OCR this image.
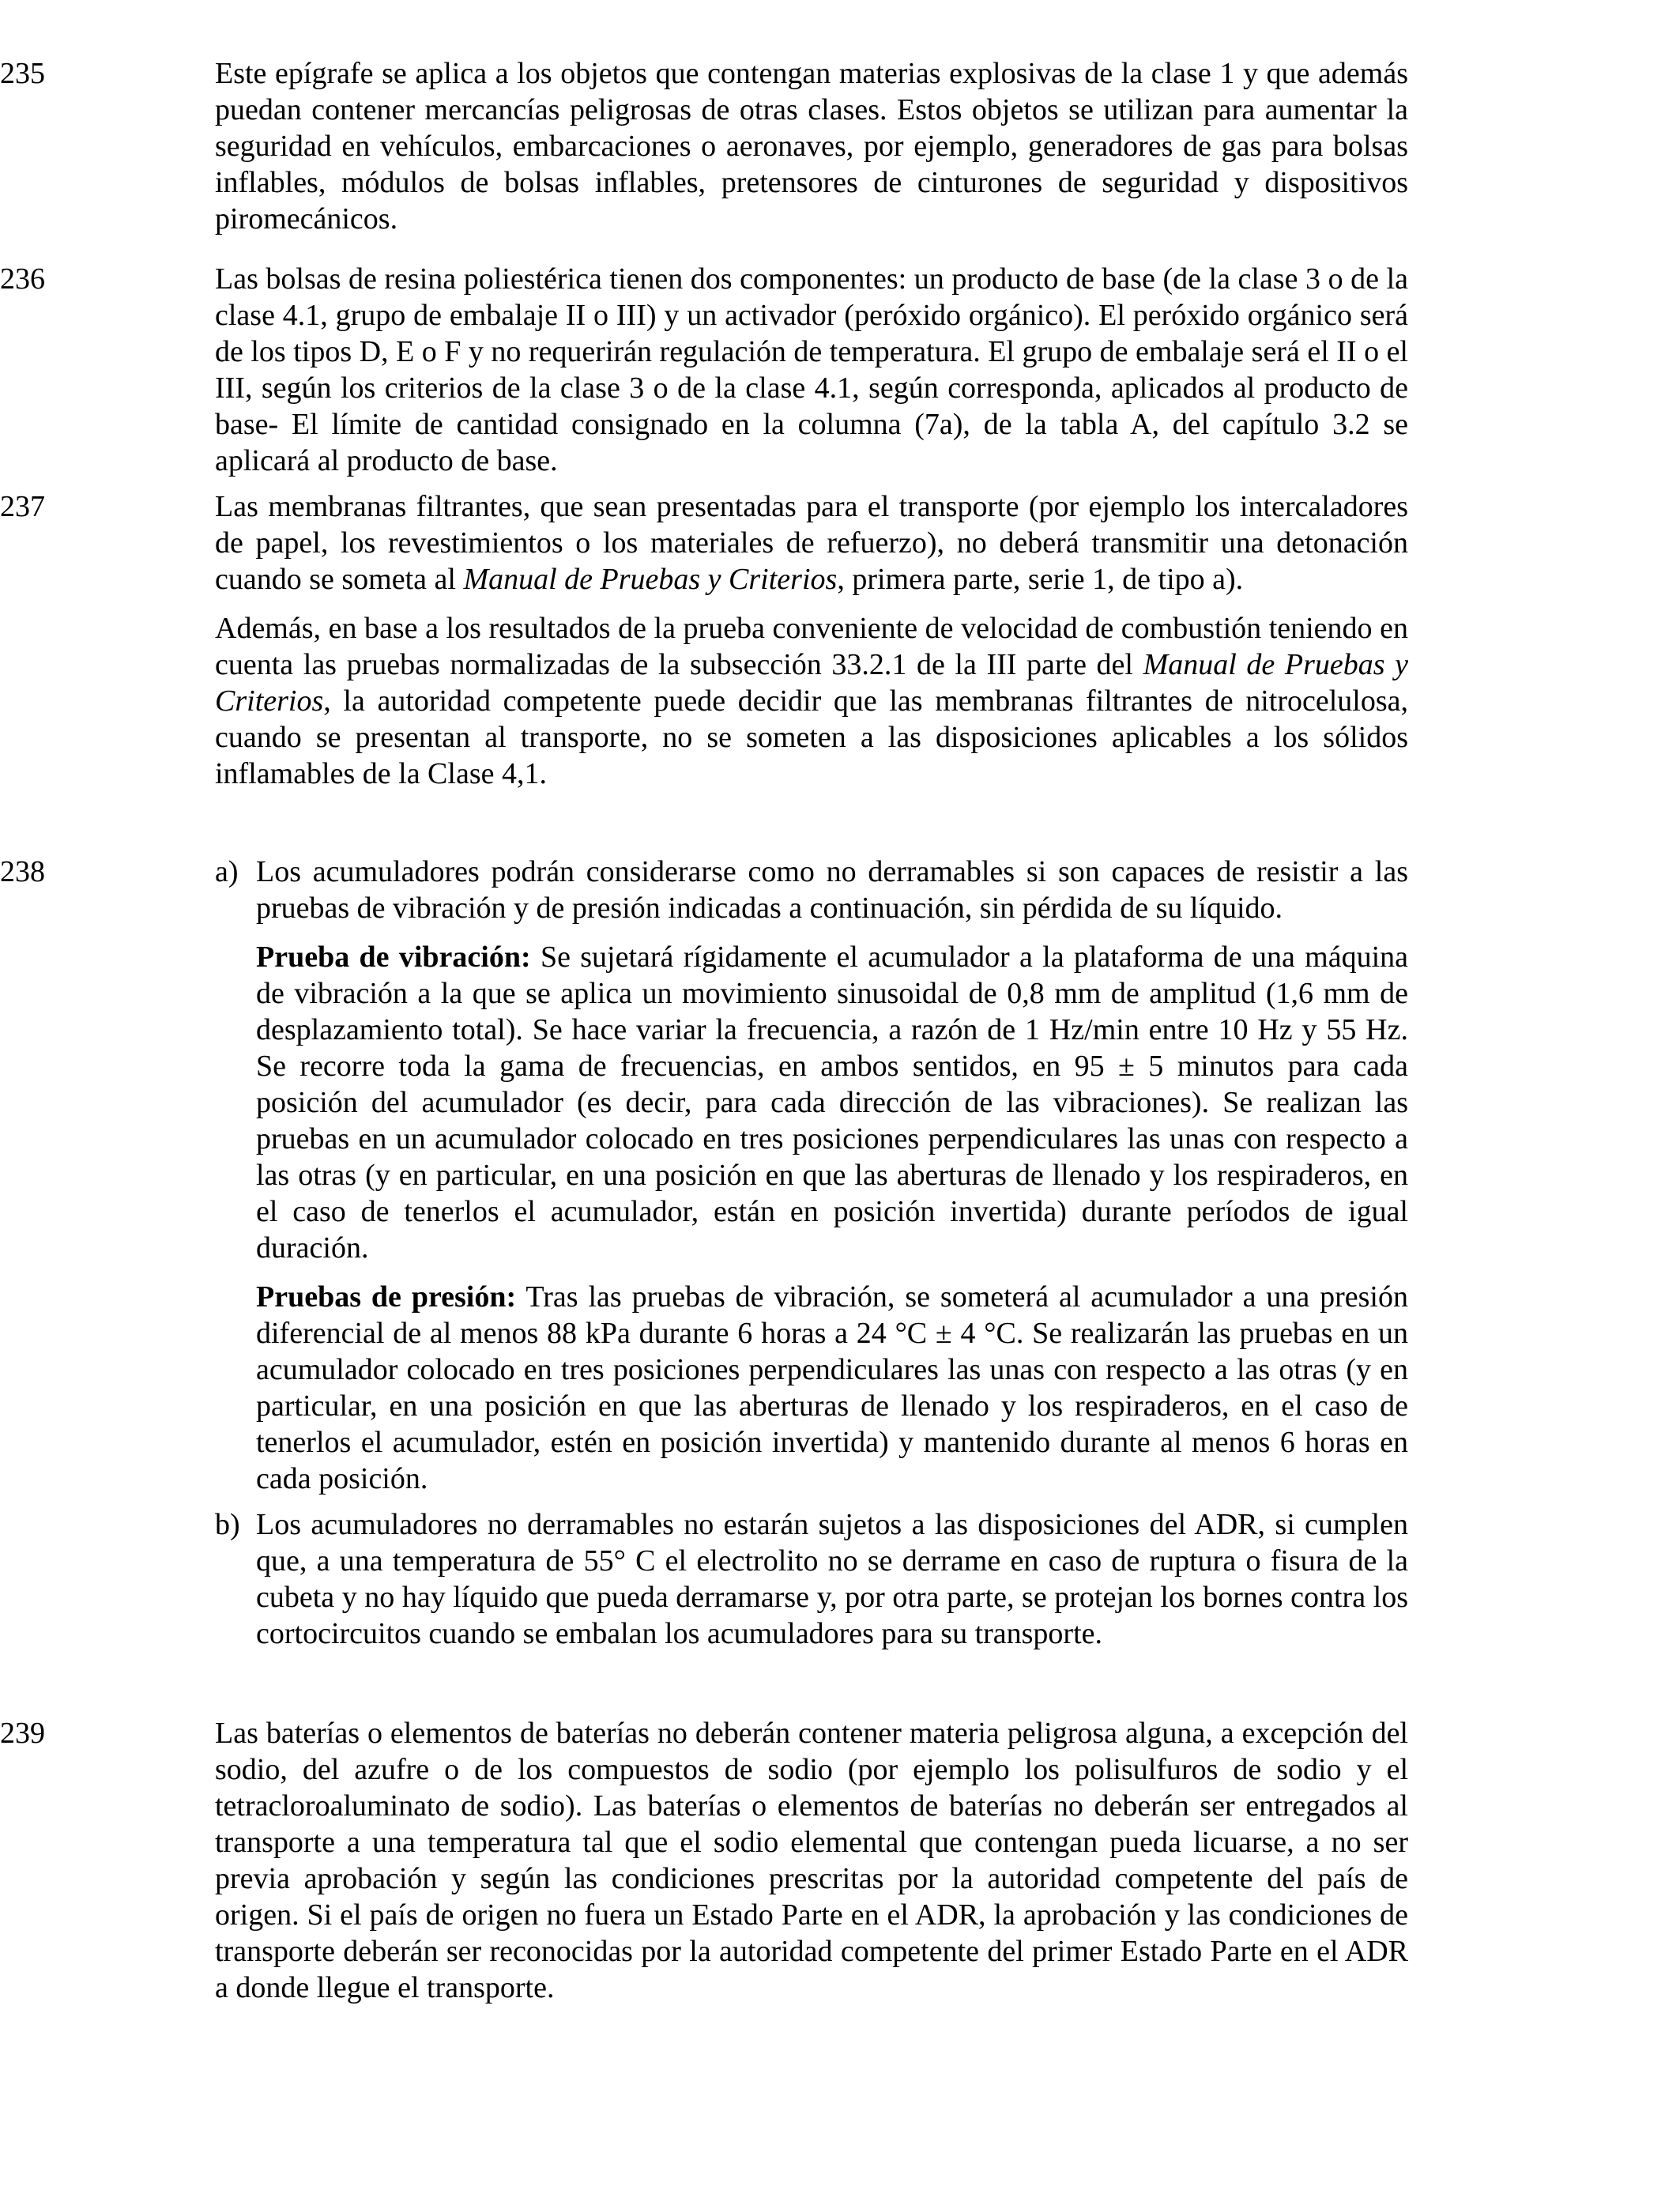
235	Este epígrafe se aplica a los objetos que contengan materias explosivas de la clase 1 y que además puedan contener mercancías peligrosas de otras clases. Estos objetos se utilizan para aumentar la seguridad en vehículos, embarcaciones o aeronaves, por ejemplo, generadores de gas para bolsas inflables, módulos de bolsas inflables, pretensores de cinturones de seguridad y dispositivos piromecánicos.

236	Las bolsas de resina poliestérica tienen dos componentes: un producto de base (de la clase 3 o de la clase 4.1, grupo de embalaje II o III) y un activador (peróxido orgánico). El peróxido orgánico será de los tipos D, E o F y no requerirán regulación de temperatura. El grupo de embalaje será el II o el III, según los criterios de la clase 3 o de la clase 4.1, según corresponda, aplicados al producto de base- El límite de cantidad consignado en la columna (7a), de la tabla A, del capítulo 3.2 se aplicará al producto de base.

237	Las membranas filtrantes, que sean presentadas para el transporte (por ejemplo los intercaladores de papel, los revestimientos o los materiales de refuerzo), no deberá transmitir una detonación cuando se someta al Manual de Pruebas y Criterios, primera parte, serie 1, de tipo a).

Además, en base a los resultados de la prueba conveniente de velocidad de combustión teniendo en cuenta las pruebas normalizadas de la subsección 33.2.1 de la III parte del Manual de Pruebas y Criterios, la autoridad competente puede decidir que las membranas filtrantes de nitrocelulosa, cuando se presentan al transporte, no se someten a las disposiciones aplicables a los sólidos inflamables de la Clase 4,1.

238	a) Los acumuladores podrán considerarse como no derramables si son capaces de resistir a las pruebas de vibración y de presión indicadas a continuación, sin pérdida de su líquido.

Prueba de vibración: Se sujetará rígidamente el acumulador a la plataforma de una máquina de vibración a la que se aplica un movimiento sinusoidal de 0,8 mm de amplitud (1,6 mm de desplazamiento total). Se hace variar la frecuencia, a razón de 1 Hz/min entre 10 Hz y 55 Hz. Se recorre toda la gama de frecuencias, en ambos sentidos, en 95 ± 5 minutos para cada posición del acumulador (es decir, para cada dirección de las vibraciones). Se realizan las pruebas en un acumulador colocado en tres posiciones perpendiculares las unas con respecto a las otras (y en particular, en una posición en que las aberturas de llenado y los respiraderos, en el caso de tenerlos el acumulador, están en posición invertida) durante períodos de igual duración.

Pruebas de presión: Tras las pruebas de vibración, se someterá al acumulador a una presión diferencial de al menos 88 kPa durante 6 horas a 24 °C ± 4 °C. Se realizarán las pruebas en un acumulador colocado en tres posiciones perpendiculares las unas con respecto a las otras (y en particular, en una posición en que las aberturas de llenado y los respiraderos, en el caso de tenerlos el acumulador, estén en posición invertida) y mantenido durante al menos 6 horas en cada posición.

b) Los acumuladores no derramables no estarán sujetos a las disposiciones del ADR, si cumplen que, a una temperatura de 55° C el electrolito no se derrame en caso de ruptura o fisura de la cubeta y no hay líquido que pueda derramarse y, por otra parte, se protejan los bornes contra los cortocircuitos cuando se embalan los acumuladores para su transporte.

239	Las baterías o elementos de baterías no deberán contener materia peligrosa alguna, a excepción del sodio, del azufre o de los compuestos de sodio (por ejemplo los polisulfuros de sodio y el tetracloroaluminato de sodio). Las baterías o elementos de baterías no deberán ser entregados al transporte a una temperatura tal que el sodio elemental que contengan pueda licuarse, a no ser previa aprobación y según las condiciones prescritas por la autoridad competente del país de origen. Si el país de origen no fuera un Estado Parte en el ADR, la aprobación y las condiciones de transporte deberán ser reconocidas por la autoridad competente del primer Estado Parte en el ADR a donde llegue el transporte.
